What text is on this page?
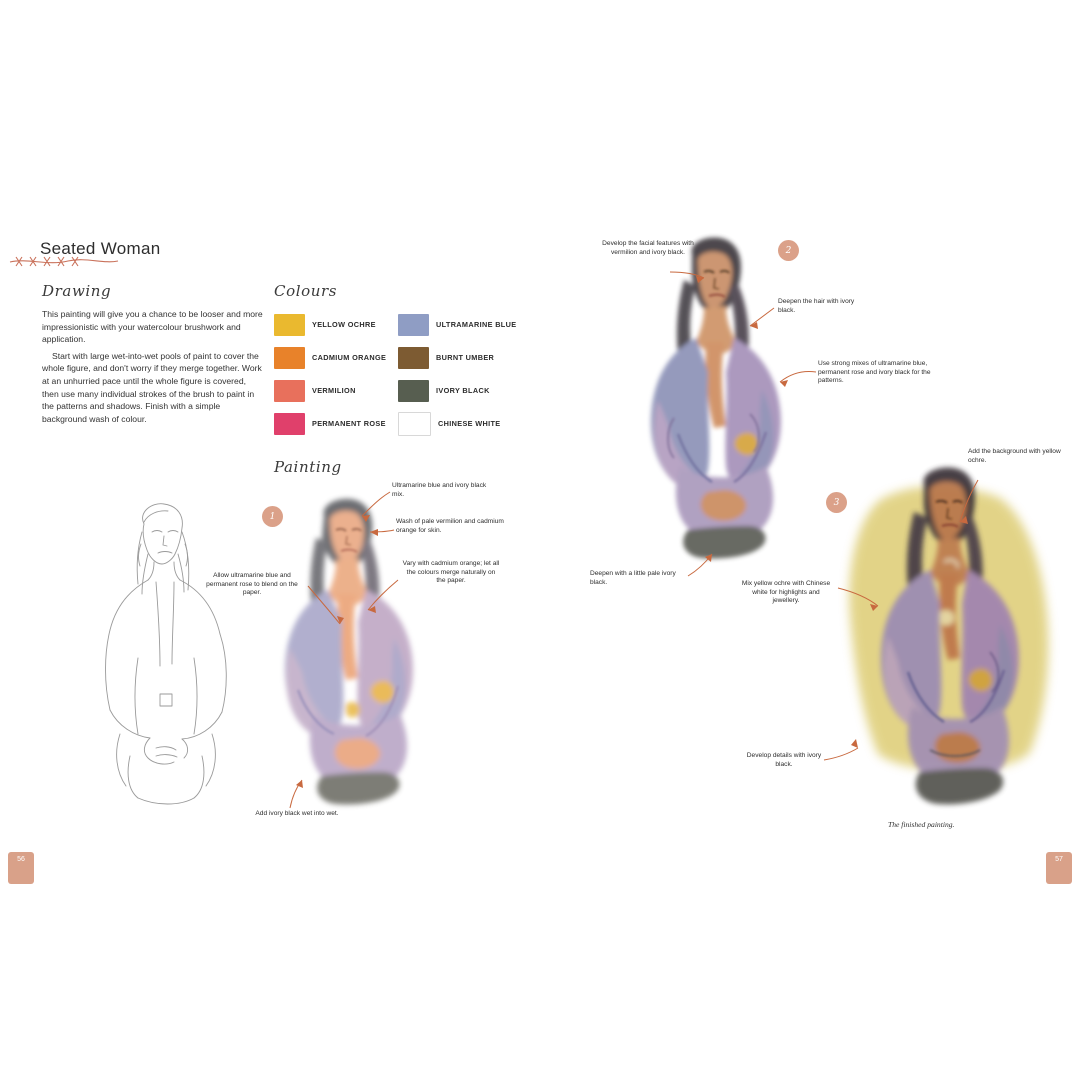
Seated Woman
Drawing	Colours
Painting

This painting will give you a chance to be looser and more impressionistic with your watercolour brushwork and application.

Start with large wet-into-wet pools of paint to cover the whole figure, and don't worry if they merge together. Work at an unhurried pace until the whole figure is covered, then use many individual strokes of the brush to paint in the patterns and shadows. Finish with a simple background wash of colour.

YELLOW OCHRE
CADMIUM ORANGE
VERMILION
PERMANENT ROSE
ULTRAMARINE BLUE
BURNT UMBER
IVORY BLACK
CHINESE WHITE
1
Ultramarine blue and ivory black mix.
Wash of pale vermilion and cadmium orange for skin.
Allow ultramarine blue and permanent rose to blend on the paper.
Vary with cadmium orange; let all the colours merge naturally on the paper.
Add ivory black wet into wet.
56
2
Develop the facial features with vermilion and ivory black.
Deepen the hair with ivory black.
Use strong mixes of ultramarine blue, permanent rose and ivory black for the patterns.
Deepen with a little pale ivory black.
3
Add the background with yellow ochre.
Mix yellow ochre with Chinese white for highlights and jewellery.
Develop details with ivory black.
The finished painting.
57
